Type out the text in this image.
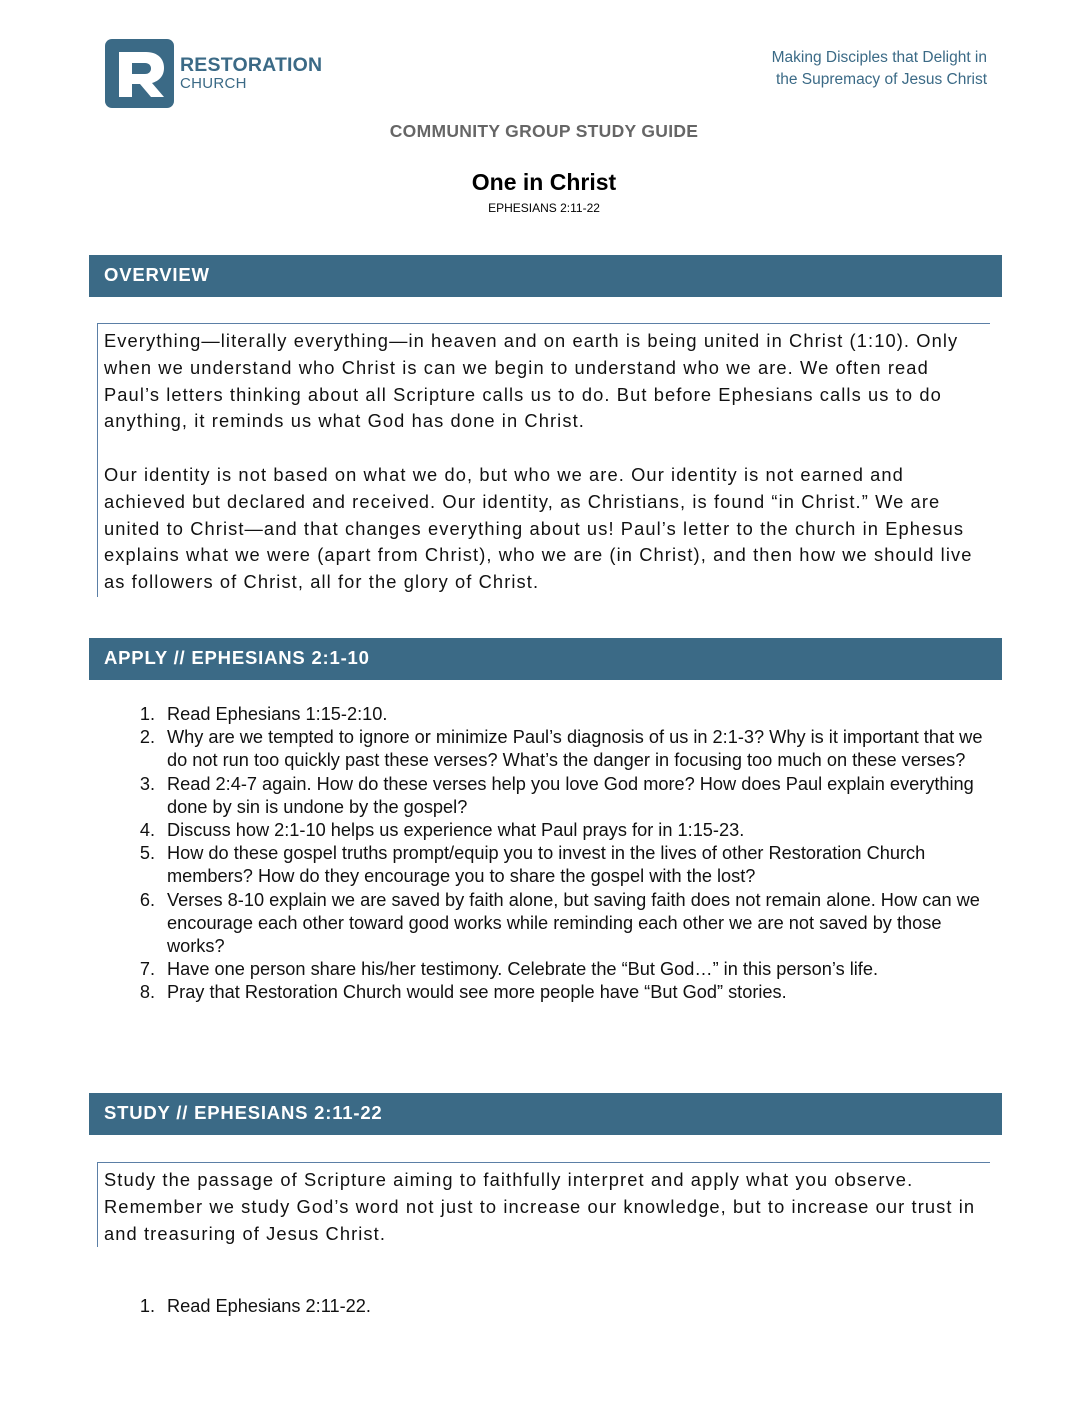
RESTORATION
CHURCH
Making Disciples that Delight in
the Supremacy of Jesus Christ
COMMUNITY GROUP STUDY GUIDE
One in Christ
EPHESIANS 2:11-22
OVERVIEW

Everything—literally everything—in heaven and on earth is being united in Christ (1:10). Only when we understand who Christ is can we begin to understand who we are. We often read Paul’s letters thinking about all Scripture calls us to do. But before Ephesians calls us to do anything, it reminds us what God has done in Christ.

Our identity is not based on what we do, but who we are. Our identity is not earned and achieved but declared and received. Our identity, as Christians, is found “in Christ.” We are united to Christ—and that changes everything about us! Paul’s letter to the church in Ephesus explains what we were (apart from Christ), who we are (in Christ), and then how we should live as followers of Christ, all for the glory of Christ.

APPLY // EPHESIANS 2:1-10
1. Read Ephesians 1:15-2:10.
2. Why are we tempted to ignore or minimize Paul’s diagnosis of us in 2:1-3? Why is it important that we do not run too quickly past these verses? What’s the danger in focusing too much on these verses?
3. Read 2:4-7 again. How do these verses help you love God more? How does Paul explain everything done by sin is undone by the gospel?
4. Discuss how 2:1-10 helps us experience what Paul prays for in 1:15-23.
5. How do these gospel truths prompt/equip you to invest in the lives of other Restoration Church members? How do they encourage you to share the gospel with the lost?
6. Verses 8-10 explain we are saved by faith alone, but saving faith does not remain alone. How can we encourage each other toward good works while reminding each other we are not saved by those works?
7. Have one person share his/her testimony. Celebrate the “But God…” in this person’s life.
8. Pray that Restoration Church would see more people have “But God” stories.
STUDY // EPHESIANS 2:11-22

Study the passage of Scripture aiming to faithfully interpret and apply what you observe. Remember we study God’s word not just to increase our knowledge, but to increase our trust in and treasuring of Jesus Christ.

1. Read Ephesians 2:11-22.
